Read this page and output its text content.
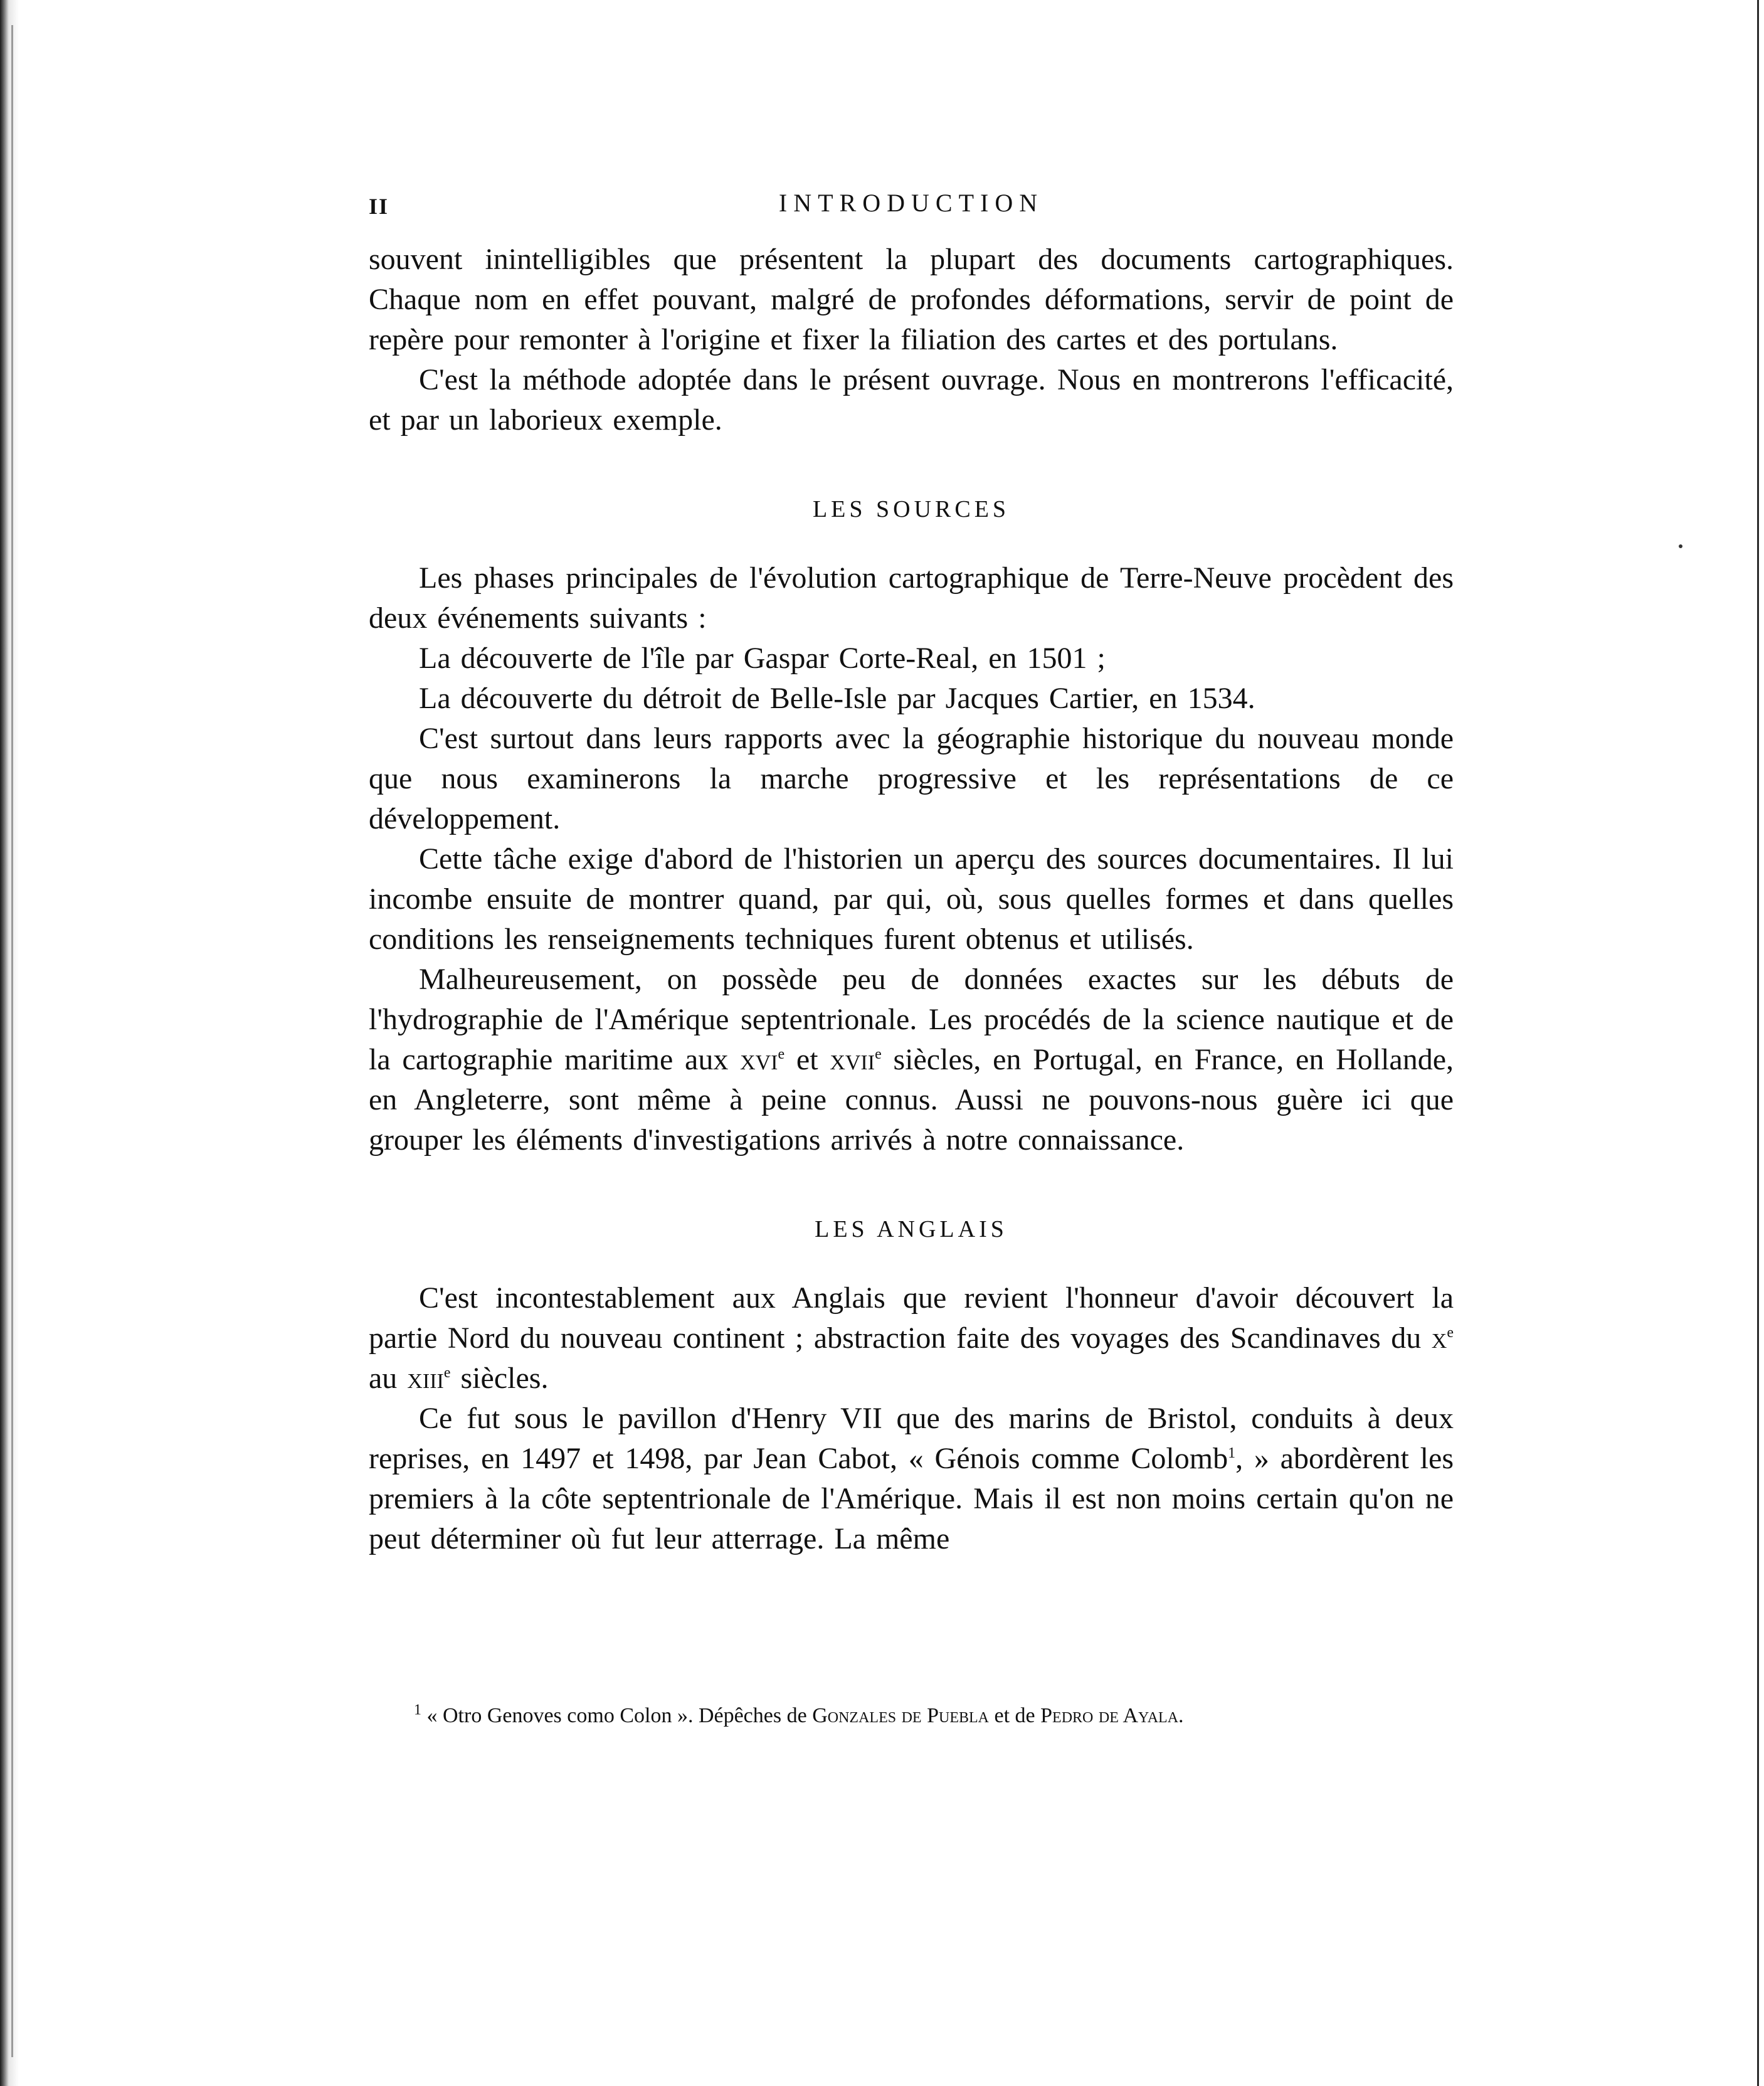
II	INTRODUCTION

souvent inintelligibles que présentent la plupart des documents cartographiques. Chaque nom en effet pouvant, malgré de profondes déformations, servir de point de repère pour remonter à l'origine et fixer la filiation des cartes et des portulans.

C'est la méthode adoptée dans le présent ouvrage. Nous en montrerons l'efficacité, et par un laborieux exemple.

LES SOURCES

Les phases principales de l'évolution cartographique de Terre-Neuve procèdent des deux événements suivants :

La découverte de l'île par Gaspar Corte-Real, en 1501 ;

La découverte du détroit de Belle-Isle par Jacques Cartier, en 1534.

C'est surtout dans leurs rapports avec la géographie historique du nouveau monde que nous examinerons la marche progressive et les représentations de ce développement.

Cette tâche exige d'abord de l'historien un aperçu des sources documentaires. Il lui incombe ensuite de montrer quand, par qui, où, sous quelles formes et dans quelles conditions les renseignements techniques furent obtenus et utilisés.

Malheureusement, on possède peu de données exactes sur les débuts de l'hydrographie de l'Amérique septentrionale. Les procédés de la science nautique et de la cartographie maritime aux xvi$^e$ et xvii$^e$ siècles, en Portugal, en France, en Hollande, en Angleterre, sont même à peine connus. Aussi ne pouvons-nous guère ici que grouper les éléments d'investigations arrivés à notre connaissance.

LES ANGLAIS

C'est incontestablement aux Anglais que revient l'honneur d'avoir découvert la partie Nord du nouveau continent ; abstraction faite des voyages des Scandinaves du $x^e$ au xiii$^e$ siècles.

Ce fut sous le pavillon d'Henry VII que des marins de Bristol, conduits à deux reprises, en 1497 et 1498, par Jean Cabot, « Génois comme Colomb$^1$, » abordèrent les premiers à la côte septentrionale de l'Amérique. Mais il est non moins certain qu'on ne peut déterminer où fut leur atterrage. La même

$^1$ « Otro Genoves como Colon ». Dépêches de Gonzales de Puebla et de Pedro de Ayala.
